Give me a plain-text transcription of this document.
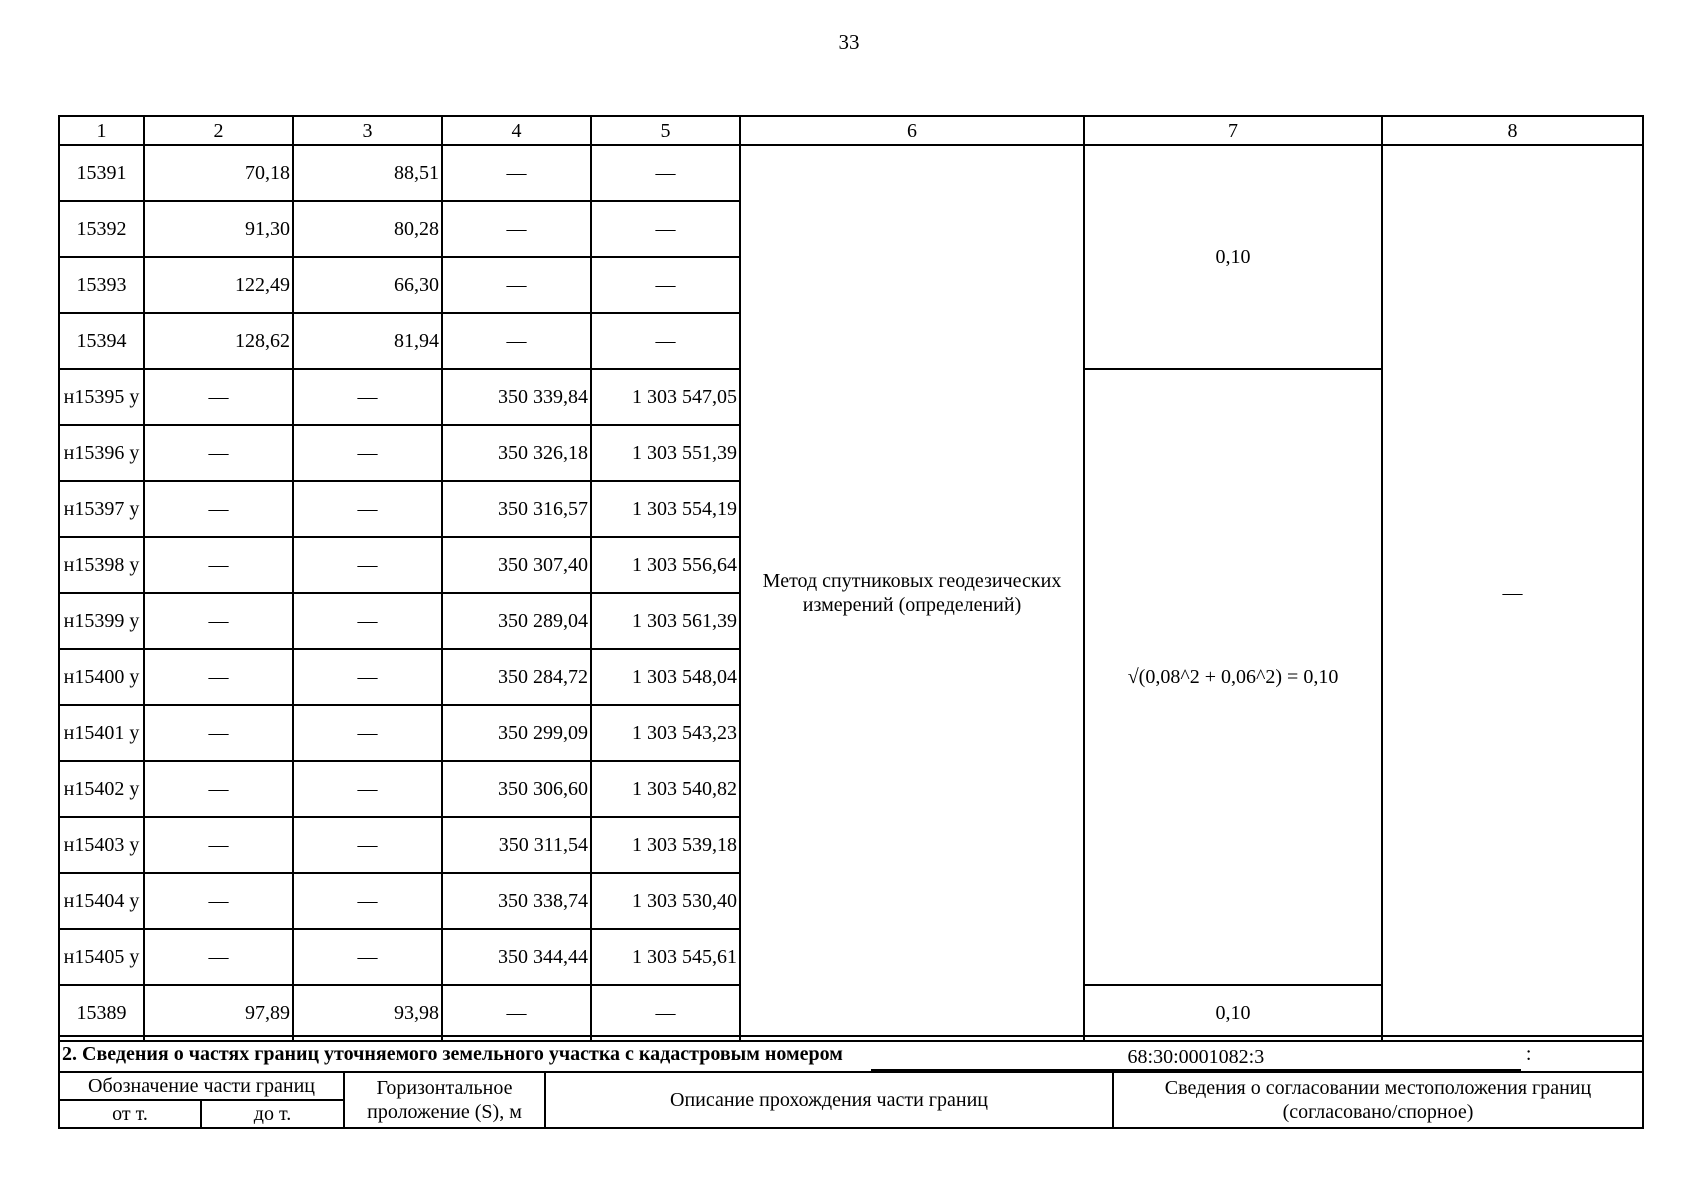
33
1	2	3	4	5	6	7	8
15391	70,18	88,51	—	—	Метод спутниковых геодезических измерений (определений)	0,10	—
15392	91,30	80,28	—	—			
15393	122,49	66,30	—	—			
15394	128,62	81,94	—	—			
н15395 у	—	—	350 339,84	1 303 547,05		√(0,08^2 + 0,06^2) = 0,10	
н15396 у	—	—	350 326,18	1 303 551,39			
н15397 у	—	—	350 316,57	1 303 554,19			
н15398 у	—	—	350 307,40	1 303 556,64			
н15399 у	—	—	350 289,04	1 303 561,39			
н15400 у	—	—	350 284,72	1 303 548,04			
н15401 у	—	—	350 299,09	1 303 543,23			
н15402 у	—	—	350 306,60	1 303 540,82			
н15403 у	—	—	350 311,54	1 303 539,18			
н15404 у	—	—	350 338,74	1 303 530,40			
н15405 у	—	—	350 344,44	1 303 545,61			
15389	97,89	93,98	—	—		0,10	
2. Сведения о частях границ уточняемого земельного участка с кадастровым номером 68:30:0001082:3 :				

Обозначение части границ		Горизонтальное проложение (S), м	Описание прохождения части границ	Сведения о согласовании местоположения границ (согласовано/спорное)
от т.	до т.			
